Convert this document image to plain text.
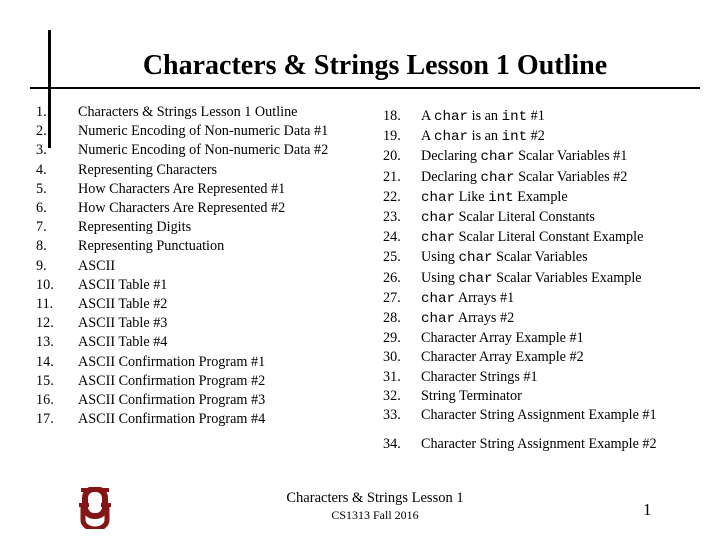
Characters & Strings Lesson 1 Outline
1.	Characters & Strings Lesson 1 Outline
2.	Numeric Encoding of Non-numeric Data #1
3.	Numeric Encoding of Non-numeric Data #2
4.	Representing Characters
5.	How Characters Are Represented #1
6.	How Characters Are Represented #2
7.	Representing Digits
8.	Representing Punctuation
9.	ASCII
10.	ASCII Table #1
11.	ASCII Table #2
12.	ASCII Table #3
13.	ASCII Table #4
14.	ASCII Confirmation Program #1
15.	ASCII Confirmation Program #2
16.	ASCII Confirmation Program #3
17.	ASCII Confirmation Program #4
18.	A char is an int #1
19.	A char is an int #2
20.	Declaring char Scalar Variables #1
21.	Declaring char Scalar Variables #2
22.	char Like int Example
23.	char Scalar Literal Constants
24.	char Scalar Literal Constant Example
25.	Using char Scalar Variables
26.	Using char Scalar Variables Example
27.	char Arrays #1
28.	char Arrays #2
29.	Character Array Example #1
30.	Character Array Example #2
31.	Character Strings #1
32.	String Terminator
33.	Character String Assignment Example #1
34.	Character String Assignment Example #2
Characters & Strings Lesson 1
CS1313 Fall 2016	1
